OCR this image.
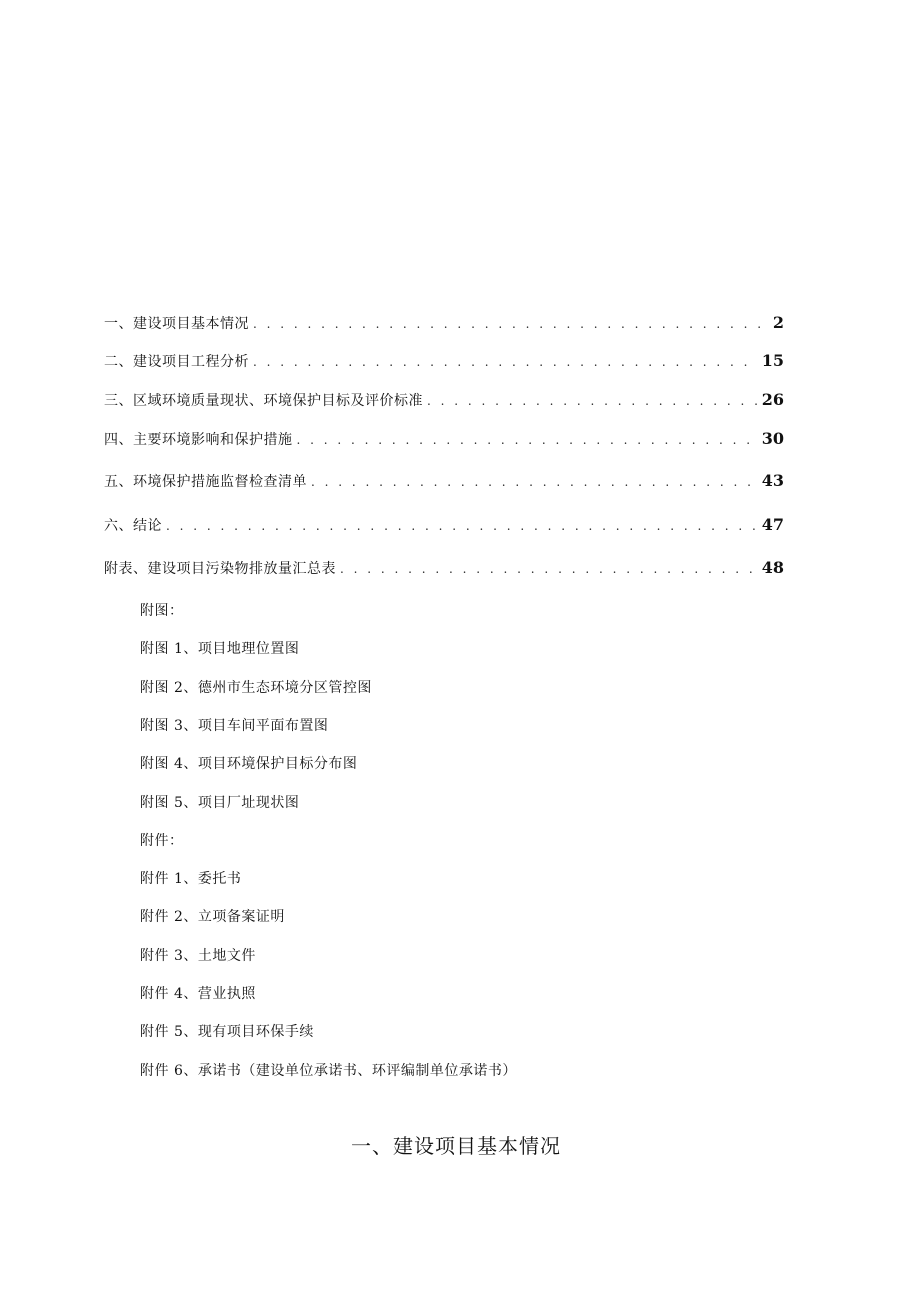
一、建设项目基本情况 . . .	2
二、建设项目工程分析 . . .	15
三、区域环境质量现状、环境保护目标及评价标准 . . .	26
四、主要环境影响和保护措施 . . .	30
五、环境保护措施监督检查清单 . . .	43
六、结论 . . .	47
附表、建设项目污染物排放量汇总表 . . .	48
附图：
附图 1、项目地理位置图
附图 2、德州市生态环境分区管控图
附图 3、项目车间平面布置图
附图 4、项目环境保护目标分布图
附图 5、项目厂址现状图
附件：
附件 1、委托书
附件 2、立项备案证明
附件 3、土地文件
附件 4、营业执照
附件 5、现有项目环保手续
附件 6、承诺书（建设单位承诺书、环评编制单位承诺书）
一、建设项目基本情况
